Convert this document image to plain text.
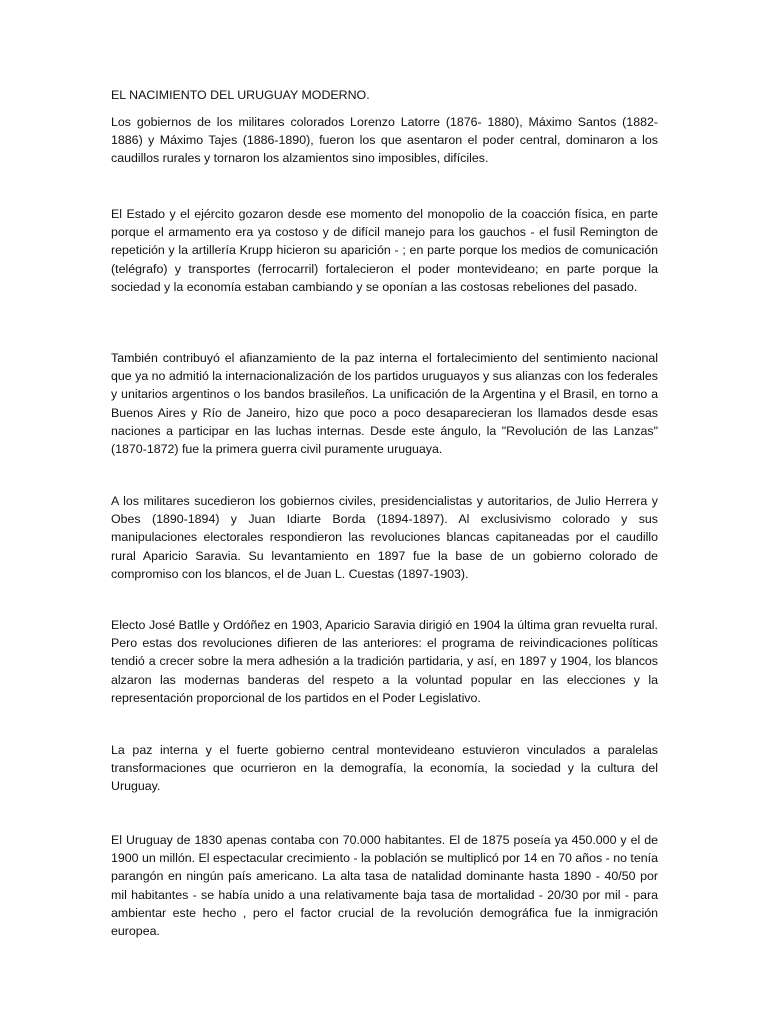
EL NACIMIENTO DEL URUGUAY MODERNO.

Los gobiernos de los militares colorados Lorenzo Latorre (1876- 1880), Máximo Santos (1882-1886) y Máximo Tajes (1886-1890), fueron los que asentaron el poder central, dominaron a los caudillos rurales y tornaron los alzamientos sino imposibles, difíciles.

El Estado y el ejército gozaron desde ese momento del monopolio de la coacción física, en parte porque el armamento era ya costoso y de difícil manejo para los gauchos - el fusil Remington de repetición y la artillería Krupp hicieron su aparición - ; en parte porque los medios de comunicación (telégrafo) y transportes (ferrocarril) fortalecieron el poder montevideano; en parte porque la sociedad y la economía estaban cambiando y se oponían a las costosas rebeliones del pasado.

También contribuyó el afianzamiento de la paz interna el fortalecimiento del sentimiento nacional que ya no admitió la internacionalización de los partidos uruguayos y sus alianzas con los federales y unitarios argentinos o los bandos brasileños. La unificación de la Argentina y el Brasil, en torno a Buenos Aires y Río de Janeiro, hizo que poco a poco desaparecieran los llamados desde esas naciones a participar en las luchas internas. Desde este ángulo, la "Revolución de las Lanzas" (1870-1872) fue la primera guerra civil puramente uruguaya.

A los militares sucedieron los gobiernos civiles, presidencialistas y autoritarios, de Julio Herrera y Obes (1890-1894) y Juan Idiarte Borda (1894-1897). Al exclusivismo colorado y sus manipulaciones electorales respondieron las revoluciones blancas capitaneadas por el caudillo rural Aparicio Saravia. Su levantamiento en 1897 fue la base de un gobierno colorado de compromiso con los blancos, el de Juan L. Cuestas (1897-1903).

Electo José Batlle y Ordóñez en 1903, Aparicio Saravia dirigió en 1904 la última gran revuelta rural. Pero estas dos revoluciones difieren de las anteriores: el programa de reivindicaciones políticas tendió a crecer sobre la mera adhesión a la tradición partidaria, y así, en 1897 y 1904, los blancos alzaron las modernas banderas del respeto a la voluntad popular en las elecciones y la representación proporcional de los partidos en el Poder Legislativo.

La paz interna y el fuerte gobierno central montevideano estuvieron vinculados a paralelas transformaciones que ocurrieron en la demografía, la economía, la sociedad y la cultura del Uruguay.

El Uruguay de 1830 apenas contaba con 70.000 habitantes. El de 1875 poseía ya 450.000 y el de 1900 un millón. El espectacular crecimiento - la población se multiplicó por 14 en 70 años - no tenía parangón en ningún país americano. La alta tasa de natalidad dominante hasta 1890 - 40/50 por mil habitantes - se había unido a una relativamente baja tasa de mortalidad - 20/30 por mil - para ambientar este hecho , pero el factor crucial de la revolución demográfica fue la inmigración europea.
